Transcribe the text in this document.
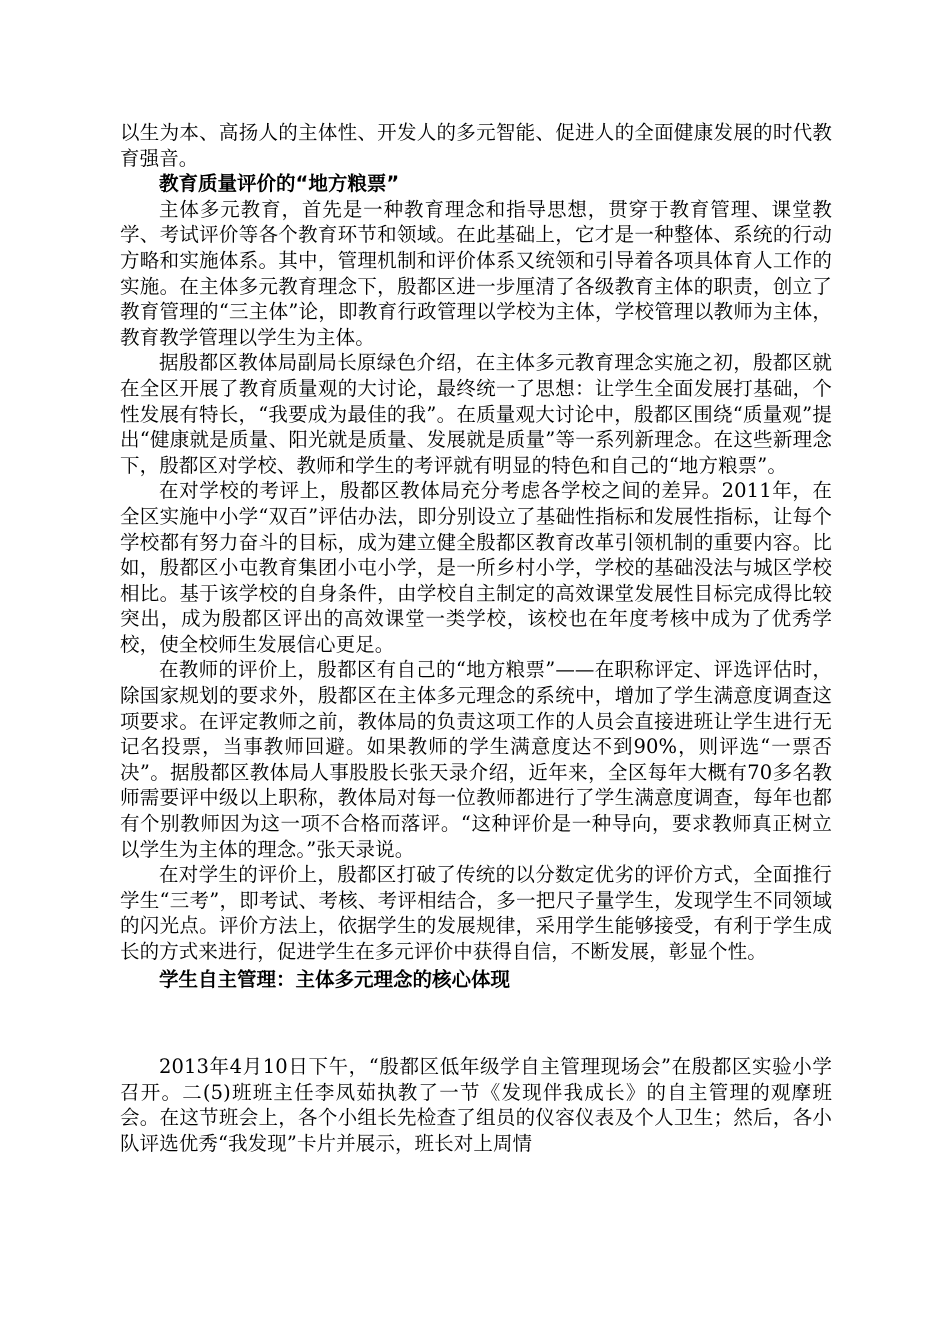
以生为本、高扬人的主体性、开发人的多元智能、促进人的全面健康发展的时代教育强音。

教育质量评价的“地方粮票”

主体多元教育，首先是一种教育理念和指导思想，贯穿于教育管理、课堂教学、考试评价等各个教育环节和领域。在此基础上，它才是一种整体、系统的行动方略和实施体系。其中，管理机制和评价体系又统领和引导着各项具体育人工作的实施。在主体多元教育理念下，殷都区进一步厘清了各级教育主体的职责，创立了教育管理的“三主体”论，即教育行政管理以学校为主体，学校管理以教师为主体，教育教学管理以学生为主体。

据殷都区教体局副局长原绿色介绍，在主体多元教育理念实施之初，殷都区就在全区开展了教育质量观的大讨论，最终统一了思想：让学生全面发展打基础，个性发展有特长，“我要成为最佳的我”。在质量观大讨论中，殷都区围绕“质量观”提出“健康就是质量、阳光就是质量、发展就是质量”等一系列新理念。在这些新理念下，殷都区对学校、教师和学生的考评就有明显的特色和自己的“地方粮票”。

在对学校的考评上，殷都区教体局充分考虑各学校之间的差异。2011年，在全区实施中小学“双百”评估办法，即分别设立了基础性指标和发展性指标，让每个学校都有努力奋斗的目标，成为建立健全殷都区教育改革引领机制的重要内容。比如，殷都区小屯教育集团小屯小学，是一所乡村小学，学校的基础没法与城区学校相比。基于该学校的自身条件，由学校自主制定的高效课堂发展性目标完成得比较突出，成为殷都区评出的高效课堂一类学校，该校也在年度考核中成为了优秀学校，使全校师生发展信心更足。

在教师的评价上，殷都区有自己的“地方粮票”——在职称评定、评选评估时，除国家规划的要求外，殷都区在主体多元理念的系统中，增加了学生满意度调查这项要求。在评定教师之前，教体局的负责这项工作的人员会直接进班让学生进行无记名投票，当事教师回避。如果教师的学生满意度达不到90%，则评选“一票否决”。据殷都区教体局人事股股长张天录介绍，近年来，全区每年大概有70多名教师需要评中级以上职称，教体局对每一位教师都进行了学生满意度调查，每年也都有个别教师因为这一项不合格而落评。“这种评价是一种导向，要求教师真正树立以学生为主体的理念。”张天录说。

在对学生的评价上，殷都区打破了传统的以分数定优劣的评价方式，全面推行学生“三考”，即考试、考核、考评相结合，多一把尺子量学生，发现学生不同领域的闪光点。评价方法上，依据学生的发展规律，采用学生能够接受，有利于学生成长的方式来进行，促进学生在多元评价中获得自信，不断发展，彰显个性。

学生自主管理：主体多元理念的核心体现

2013年4月10日下午，“殷都区低年级学自主管理现场会”在殷都区实验小学召开。二(5)班班主任李凤茹执教了一节《发现伴我成长》的自主管理的观摩班会。在这节班会上，各个小组长先检查了组员的仪容仪表及个人卫生；然后，各小队评选优秀“我发现”卡片并展示，班长对上周情
